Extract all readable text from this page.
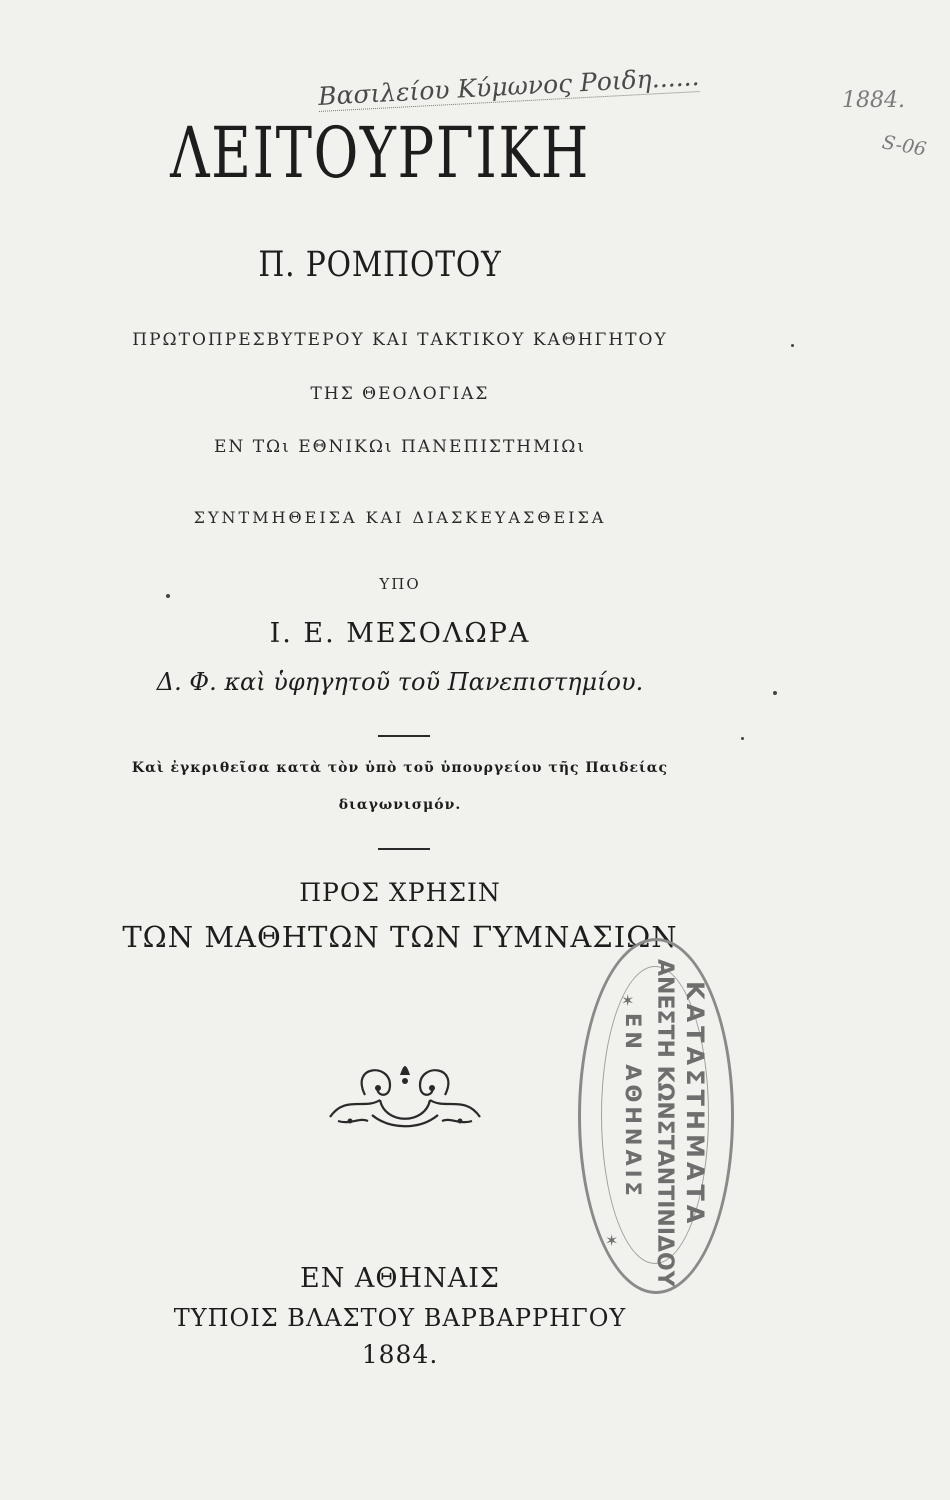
Βασιλείου Κύμωνος Ροιδη......	1884.
S-06
ΛΕΙΤΟΥΡΓΙΚΗ
Π. ΡΟΜΠΟΤΟΥ
ΠΡΩΤΟΠΡΕΣΒΥΤΕΡΟΥ ΚΑΙ ΤΑΚΤΙΚΟΥ ΚΑΘΗΓΗΤΟΥ
ΤΗΣ ΘΕΟΛΟΓΙΑΣ
ΕΝ ΤΩι ΕΘΝΙΚΩι ΠΑΝΕΠΙΣΤΗΜΙΩι
ΣΥΝΤΜΗΘΕΙΣΑ ΚΑΙ ΔΙΑΣΚΕΥΑΣΘΕΙΣΑ
ΥΠΟ
Ι. Ε. ΜΕΣΟΛΩΡΑ
Δ. Φ. καὶ ὑφηγητοῦ τοῦ Πανεπιστημίου.
Καὶ ἐγκριθεῖσα κατὰ τὸν ὑπὸ τοῦ ὑπουργείου τῆς Παιδείας
διαγωνισμόν.
ΠΡΟΣ ΧΡΗΣΙΝ
ΤΩΝ ΜΑΘΗΤΩΝ ΤΩΝ ΓΥΜΝΑΣΙΩΝ
ΕΝ ΑΘΗΝΑΙΣ
ΤΥΠΟΙΣ ΒΛΑΣΤΟΥ ΒΑΡΒΑΡΡΗΓΟΥ
1884.
ΚΑΤΑΣΤΗΜΑΤΑ
ΑΝΕΣΤΗ ΚΩΝΣΤΑΝΤΙΝΙΔΟΥ
ΕΝ ΑΘΗΝΑΙΣ
✶
✶
